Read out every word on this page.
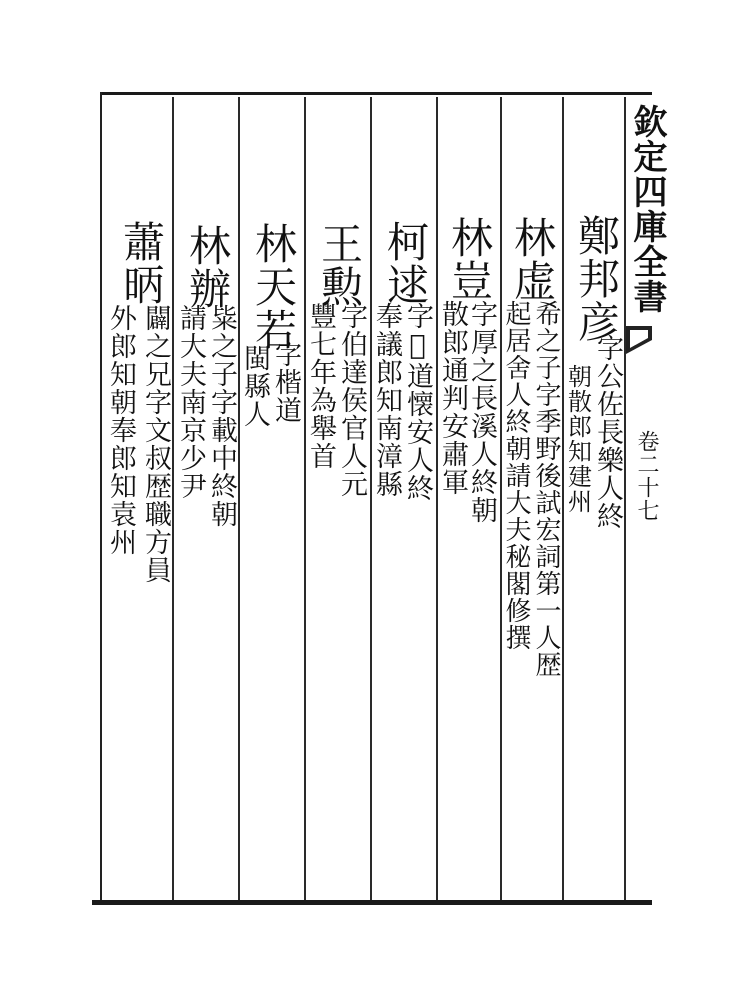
欽定四庫全書
卷二十七
鄭邦彦
字公佐長樂人終
朝散郎知建州
林虚
希之子字季野後試宏詞第一人歴
起居舍人終朝請大夫秘閣修撰
林豈
字厚之長溪人終朝
散郎通判安肅軍
柯逑
字𧪒道懐安人終
奉議郎知南漳縣
王勲
字伯達侯官人元
豐七年為舉首
林天若
字楷道
閩縣人
林辦
粊之子字載中終朝
請大夫南京少尹
蕭昞
闢之兄字文叔歴職方員
外郎知朝奉郎知袁州
